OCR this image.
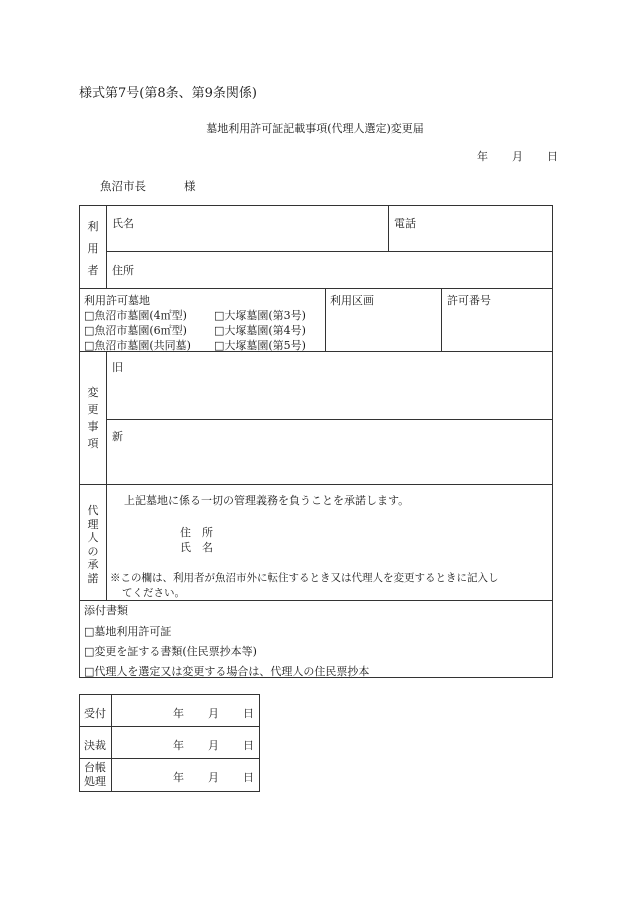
様式第7号(第8条、第9条関係)
墓地利用許可証記載事項(代理人選定)変更届
年 月 日
魚沼市長	様
利
用
者
氏名	電話
住所
利用許可墓地
□魚沼市墓園(4㎡型) □大塚墓園(第3号)
□魚沼市墓園(6㎡型) □大塚墓園(第4号)
□魚沼市墓園(共同墓) □大塚墓園(第5号)
利用区画	許可番号
変
更
事
項
旧
新
代
理
人
の
承
諾
上記墓地に係る一切の管理義務を負うことを承諾します。
住　所
氏　名
※この欄は、利用者が魚沼市外に転住するとき又は代理人を変更するときに記入し
てください。
添付書類
□墓地利用許可証
□変更を証する書類(住民票抄本等)
□代理人を選定又は変更する場合は、代理人の住民票抄本
受付	年 月 日
決裁	年 月 日
台帳
処理	年 月 日
